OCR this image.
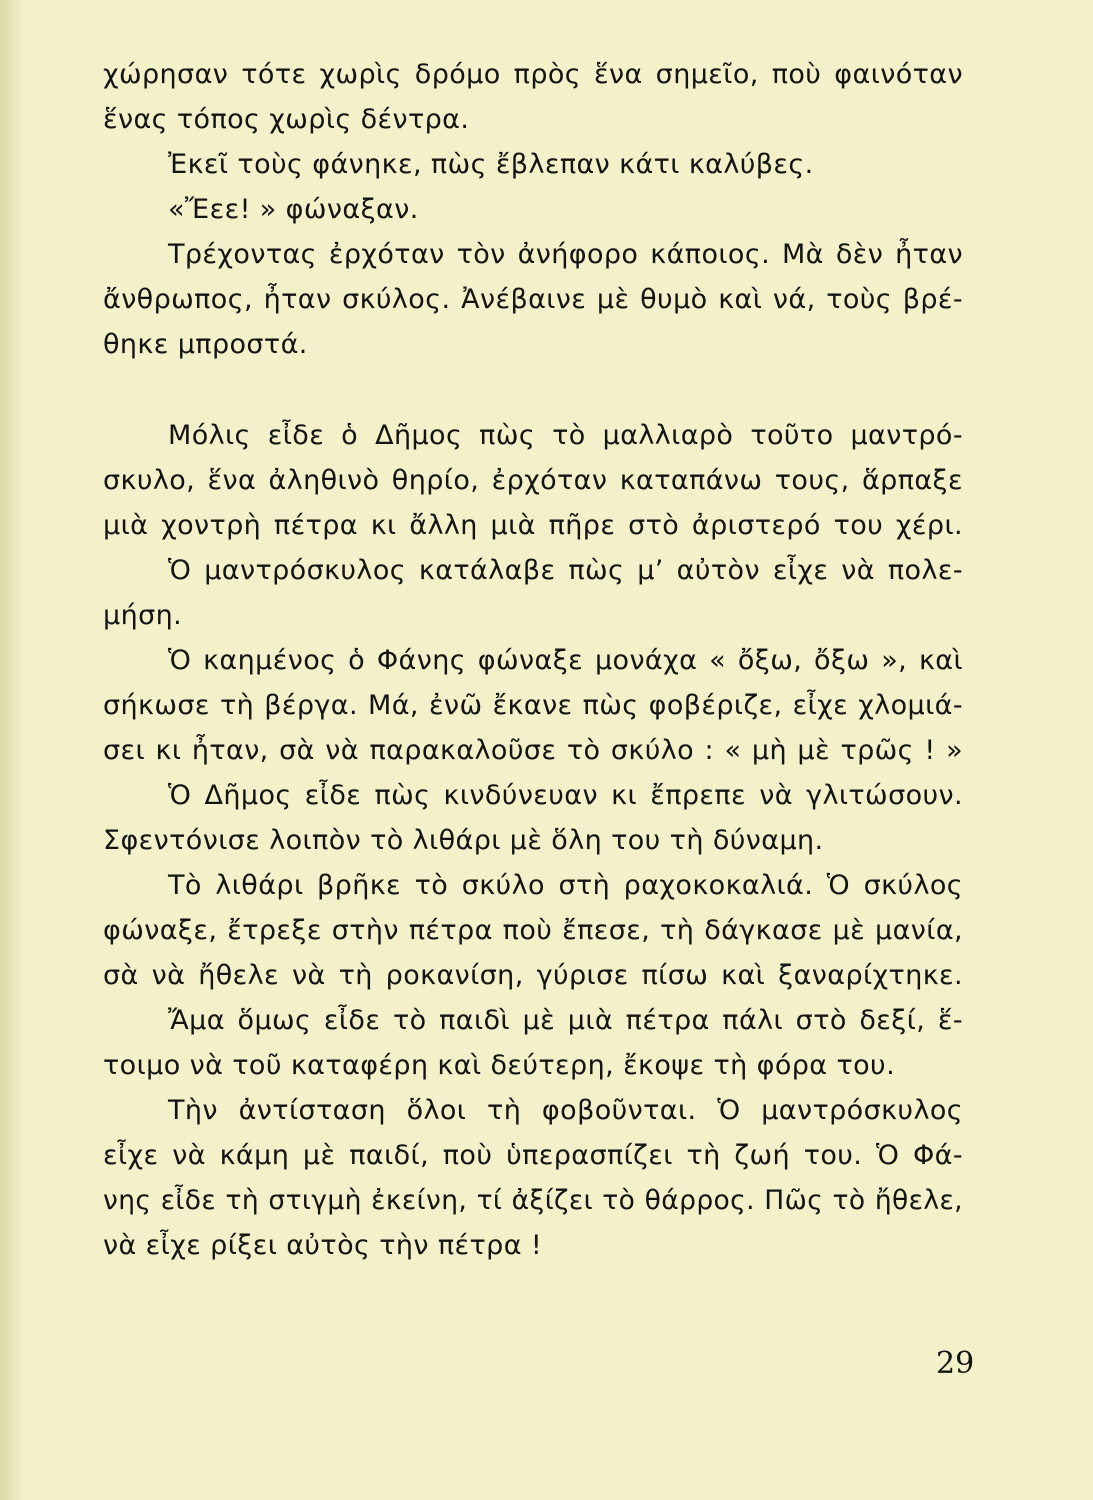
χώρησαν τότε χωρὶς δρόμο πρὸς ἕνα σημεῖο, ποὺ φαινόταν
ἕνας τόπος χωρὶς δέντρα.
Ἐκεῖ τοὺς φάνηκε, πὼς ἔβλεπαν κάτι καλύβες.
«Ἔεε! » φώναξαν.
Τρέχοντας ἐρχόταν τὸν ἀνήφορο κάποιος. Μὰ δὲν ἦταν
ἄνθρωπος, ἦταν σκύλος. Ἀνέβαινε μὲ θυμὸ καὶ νά, τοὺς βρέ-
θηκε μπροστά.
Μόλις εἶδε ὁ Δῆμος πὼς τὸ μαλλιαρὸ τοῦτο μαντρό-
σκυλο, ἕνα ἀληθινὸ θηρίο, ἐρχόταν καταπάνω τους, ἅρπαξε
μιὰ χοντρὴ πέτρα κι ἄλλη μιὰ πῆρε στὸ ἀριστερό του χέρι.
Ὁ μαντρόσκυλος κατάλαβε πὼς μ’ αὐτὸν εἶχε νὰ πολε-
μήση.
Ὁ καημένος ὁ Φάνης φώναξε μονάχα « ὄξω, ὄξω », καὶ
σήκωσε τὴ βέργα. Μά, ἐνῶ ἔκανε πὼς φοβέριζε, εἶχε χλομιά-
σει κι ἦταν, σὰ νὰ παρακαλοῦσε τὸ σκύλο : « μὴ μὲ τρῶς ! »
Ὁ Δῆμος εἶδε πὼς κινδύνευαν κι ἔπρεπε νὰ γλιτώσουν.
Σφεντόνισε λοιπὸν τὸ λιθάρι μὲ ὅλη του τὴ δύναμη.
Τὸ λιθάρι βρῆκε τὸ σκύλο στὴ ραχοκοκαλιά. Ὁ σκύλος
φώναξε, ἔτρεξε στὴν πέτρα ποὺ ἔπεσε, τὴ δάγκασε μὲ μανία,
σὰ νὰ ἤθελε νὰ τὴ ροκανίση, γύρισε πίσω καὶ ξαναρίχτηκε.
Ἄμα ὅμως εἶδε τὸ παιδὶ μὲ μιὰ πέτρα πάλι στὸ δεξί, ἕ-
τοιμο νὰ τοῦ καταφέρη καὶ δεύτερη, ἔκοψε τὴ φόρα του.
Τὴν ἀντίσταση ὅλοι τὴ φοβοῦνται. Ὁ μαντρόσκυλος
εἶχε νὰ κάμη μὲ παιδί, ποὺ ὑπερασπίζει τὴ ζωή του. Ὁ Φά-
νης εἶδε τὴ στιγμὴ ἐκείνη, τί ἀξίζει τὸ θάρρος. Πῶς τὸ ἤθελε,
νὰ εἶχε ρίξει αὐτὸς τὴν πέτρα !
29
